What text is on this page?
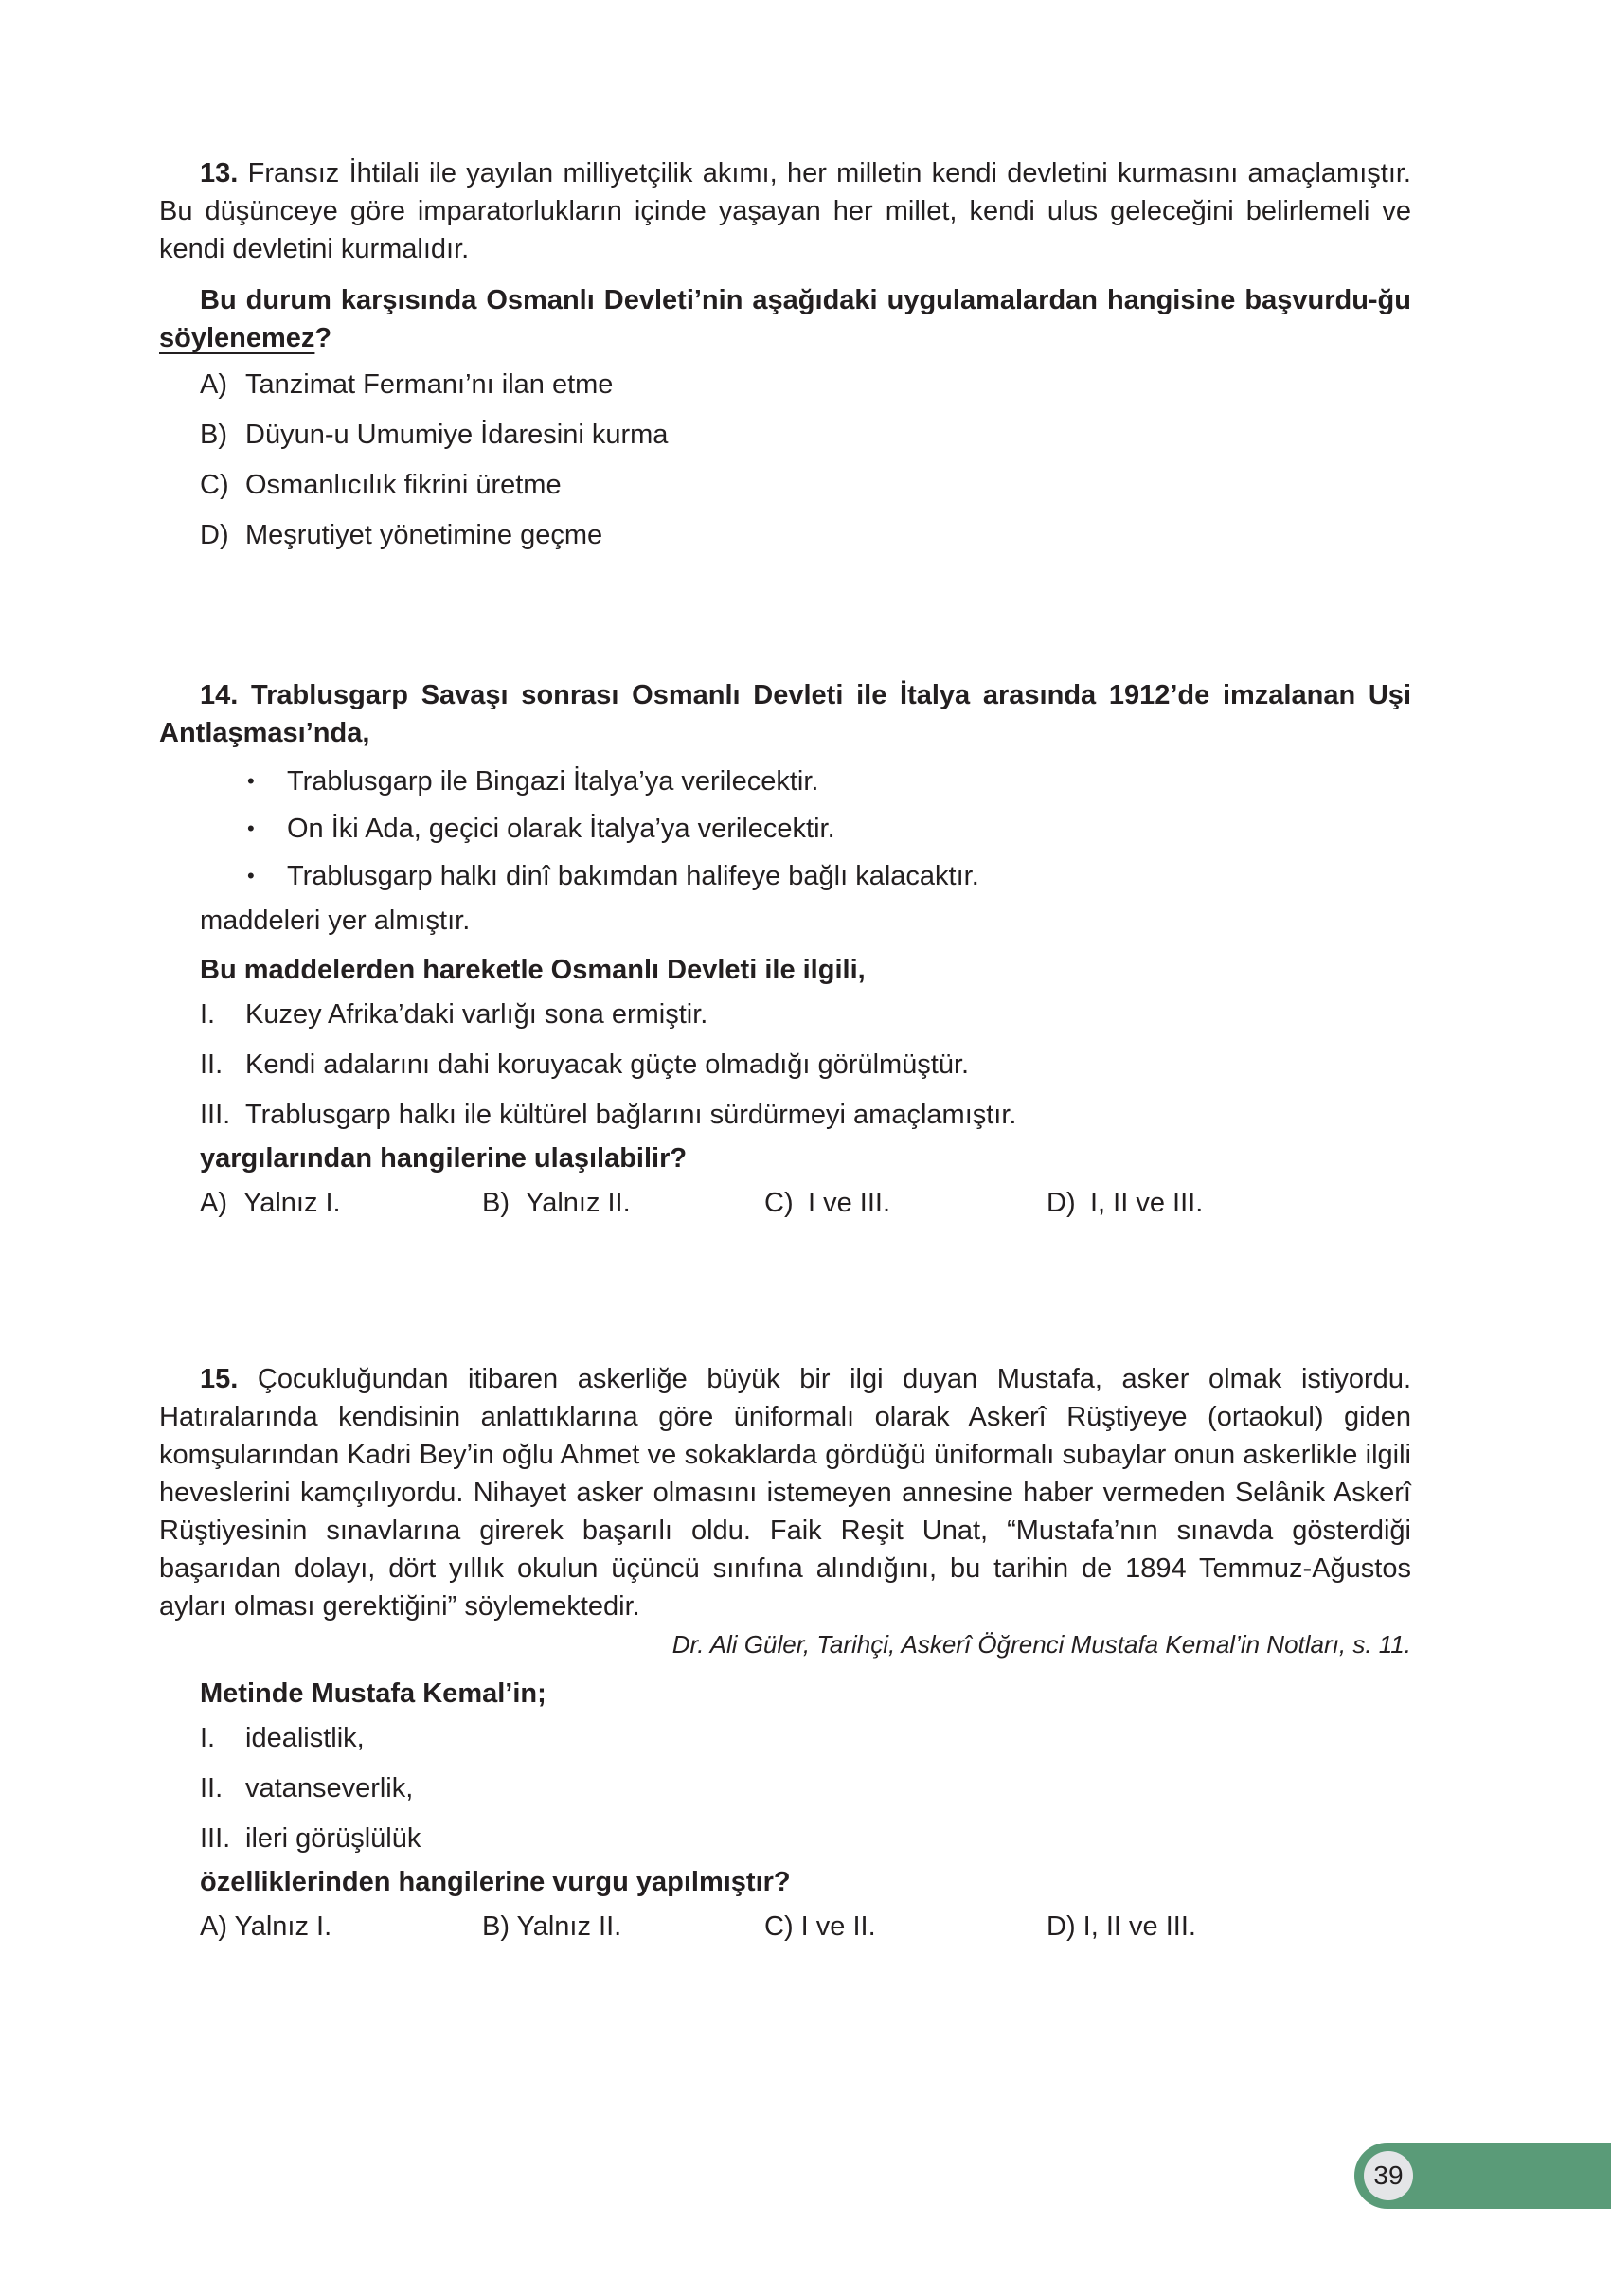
13. Fransız İhtilali ile yayılan milliyetçilik akımı, her milletin kendi devletini kurmasını amaçlamıştır. Bu düşünceye göre imparatorlukların içinde yaşayan her millet, kendi ulus geleceğini belirlemeli ve kendi devletini kurmalıdır.

Bu durum karşısında Osmanlı Devleti’nin aşağıdaki uygulamalardan hangisine başvurdu-ğu söylenemez?

A) Tanzimat Fermanı’nı ilan etme
B) Düyun-u Umumiye İdaresini kurma
C) Osmanlıcılık fikrini üretme
D) Meşrutiyet yönetimine geçme

14. Trablusgarp Savaşı sonrası Osmanlı Devleti ile İtalya arasında 1912’de imzalanan Uşi Antlaşması’nda,

•	Trablusgarp ile Bingazi İtalya’ya verilecektir.
•	On İki Ada, geçici olarak İtalya’ya verilecektir.
•	Trablusgarp halkı dinî bakımdan halifeye bağlı kalacaktır.

maddeleri yer almıştır.

Bu maddelerden hareketle Osmanlı Devleti ile ilgili,

I.	Kuzey Afrika’daki varlığı sona ermiştir.
II. Kendi adalarını dahi koruyacak güçte olmadığı görülmüştür.
III. Trablusgarp halkı ile kültürel bağlarını sürdürmeyi amaçlamıştır.

yargılarından hangilerine ulaşılabilir?

A) Yalnız I.	B) Yalnız II.	C) I ve III.	D) I, II ve III.

15. Çocukluğundan itibaren askerliğe büyük bir ilgi duyan Mustafa, asker olmak istiyordu. Hatıralarında kendisinin anlattıklarına göre üniformalı olarak Askerî Rüştiyeye (ortaokul) giden komşularından Kadri Bey’in oğlu Ahmet ve sokaklarda gördüğü üniformalı subaylar onun askerlikle ilgili heveslerini kamçılıyordu. Nihayet asker olmasını istemeyen annesine haber vermeden Selânik Askerî Rüştiyesinin sınavlarına girerek başarılı oldu. Faik Reşit Unat, “Mustafa’nın sınavda gösterdiği başarıdan dolayı, dört yıllık okulun üçüncü sınıfına alındığını, bu tarihin de 1894 Temmuz-Ağustos ayları olması gerektiğini” söylemektedir.

Dr. Ali Güler, Tarihçi, Askerî Öğrenci Mustafa Kemal’in Notları, s. 11.

Metinde Mustafa Kemal’in;

I.	idealistlik,
II. vatanseverlik,
III. ileri görüşlülük

özelliklerinden hangilerine vurgu yapılmıştır?

A) Yalnız I.	B) Yalnız II.	C) I ve II.	D) I, II ve III.
39
